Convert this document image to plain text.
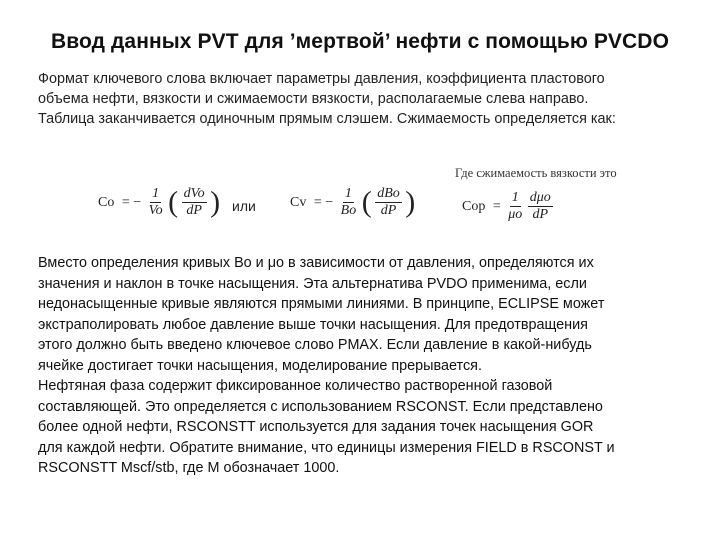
Ввод данных PVT для ’мертвой’ нефти с помощью PVCDO
Формат ключевого слова включает параметры давления, коэффициента пластового
объема нефти, вязкости и сжимаемости вязкости, располагаемые слева направо.
Таблица заканчивается одиночным прямым слэшем. Сжимаемость определяется как:
Co = − $\frac{1}{Vo}$ ( $\frac{\text{dVo}}{dP}$ ) или Cv = − $\frac{1}{Bo}$ ( $\frac{\text{dBo}}{dP}$ )
Где сжимаемость вязкости это
Cop = $\frac{1}{\mu o}$
$\frac{\text{dμo}}{dP}$
Вместо определения кривых Bo и μo в зависимости от давления, определяются их
значения и наклон в точке насыщения. Эта альтернатива PVDO применима, если
недонасыщенные кривые являются прямыми линиями. В принципе, ECLIPSE может
экстраполировать любое давление выше точки насыщения. Для предотвращения
этого должно быть введено ключевое слово PMAX. Если давление в какой-нибудь
ячейке достигает точки насыщения, моделирование прерывается.
Нефтяная фаза содержит фиксированное количество растворенной газовой
составляющей. Это определяется с использованием RSCONST. Если представлено
более одной нефти, RSCONSTT используется для задания точек насыщения GOR
для каждой нефти. Обратите внимание, что единицы измерения FIELD в RSCONST и
RSCONSTT Mscf/stb, где M обозначает 1000.
